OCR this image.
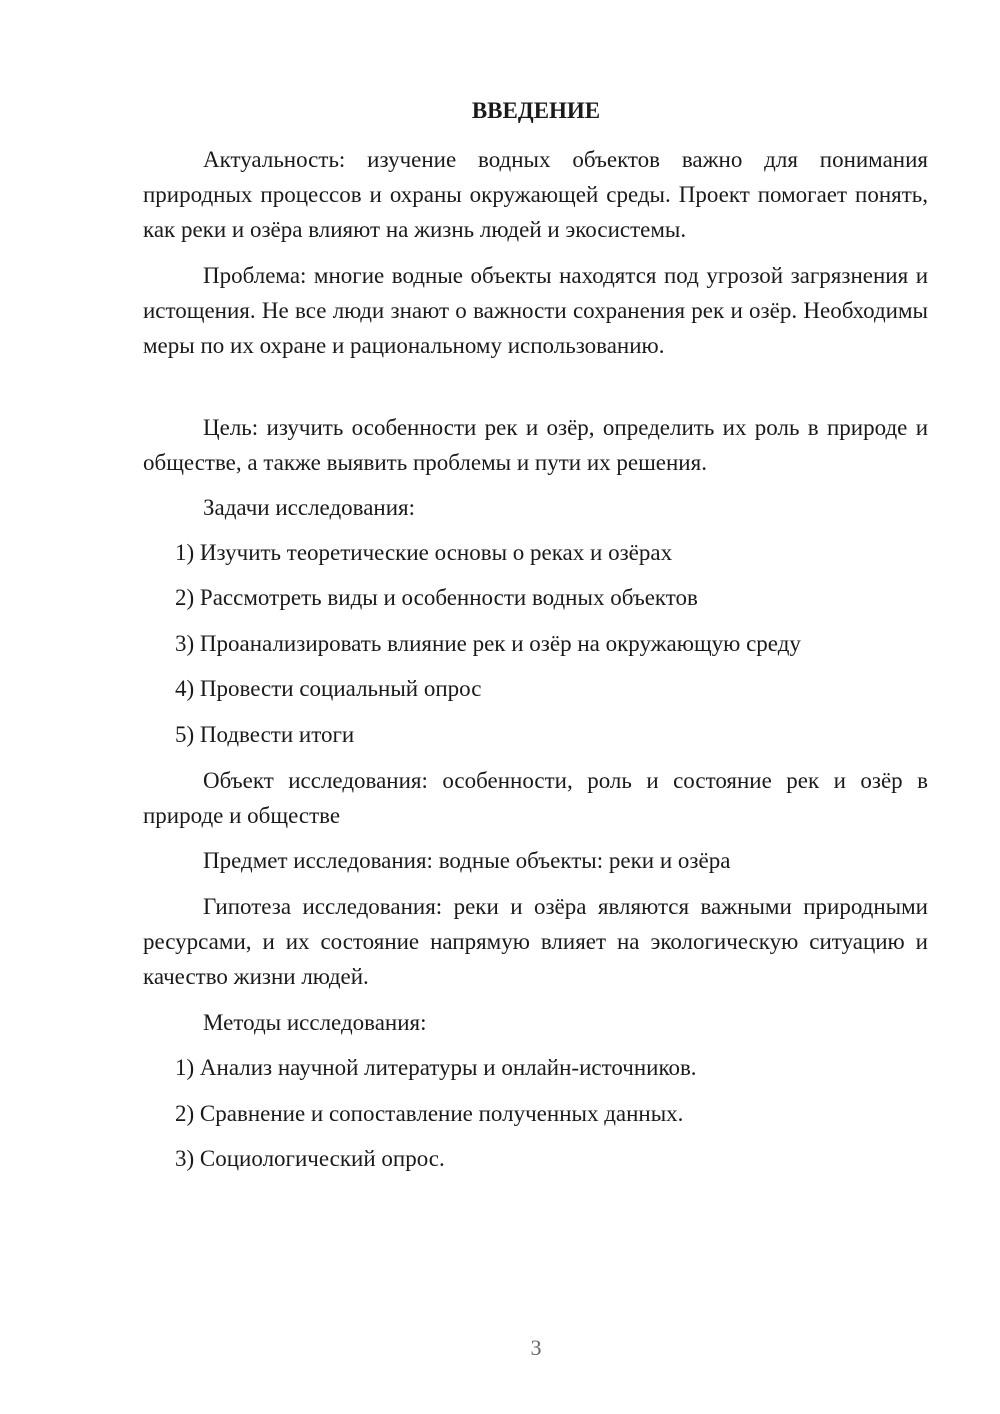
ВВЕДЕНИЕ

Актуальность: изучение водных объектов важно для понимания природных процессов и охраны окружающей среды. Проект помогает понять, как реки и озёра влияют на жизнь людей и экосистемы.

Проблема: многие водные объекты находятся под угрозой загрязнения и истощения. Не все люди знают о важности сохранения рек и озёр. Необходимы меры по их охране и рациональному использованию.

Цель: изучить особенности рек и озёр, определить их роль в природе и обществе, а также выявить проблемы и пути их решения.

Задачи исследования:

1) Изучить теоретические основы о реках и озёрах

2) Рассмотреть виды и особенности водных объектов

3) Проанализировать влияние рек и озёр на окружающую среду

4) Провести социальный опрос

5) Подвести итоги

Объект исследования: особенности, роль и состояние рек и озёр в природе и обществе

Предмет исследования: водные объекты: реки и озёра

Гипотеза исследования: реки и озёра являются важными природными ресурсами, и их состояние напрямую влияет на экологическую ситуацию и качество жизни людей.

Методы исследования:

1) Анализ научной литературы и онлайн-источников.

2) Сравнение и сопоставление полученных данных.

3) Социологический опрос.

3
